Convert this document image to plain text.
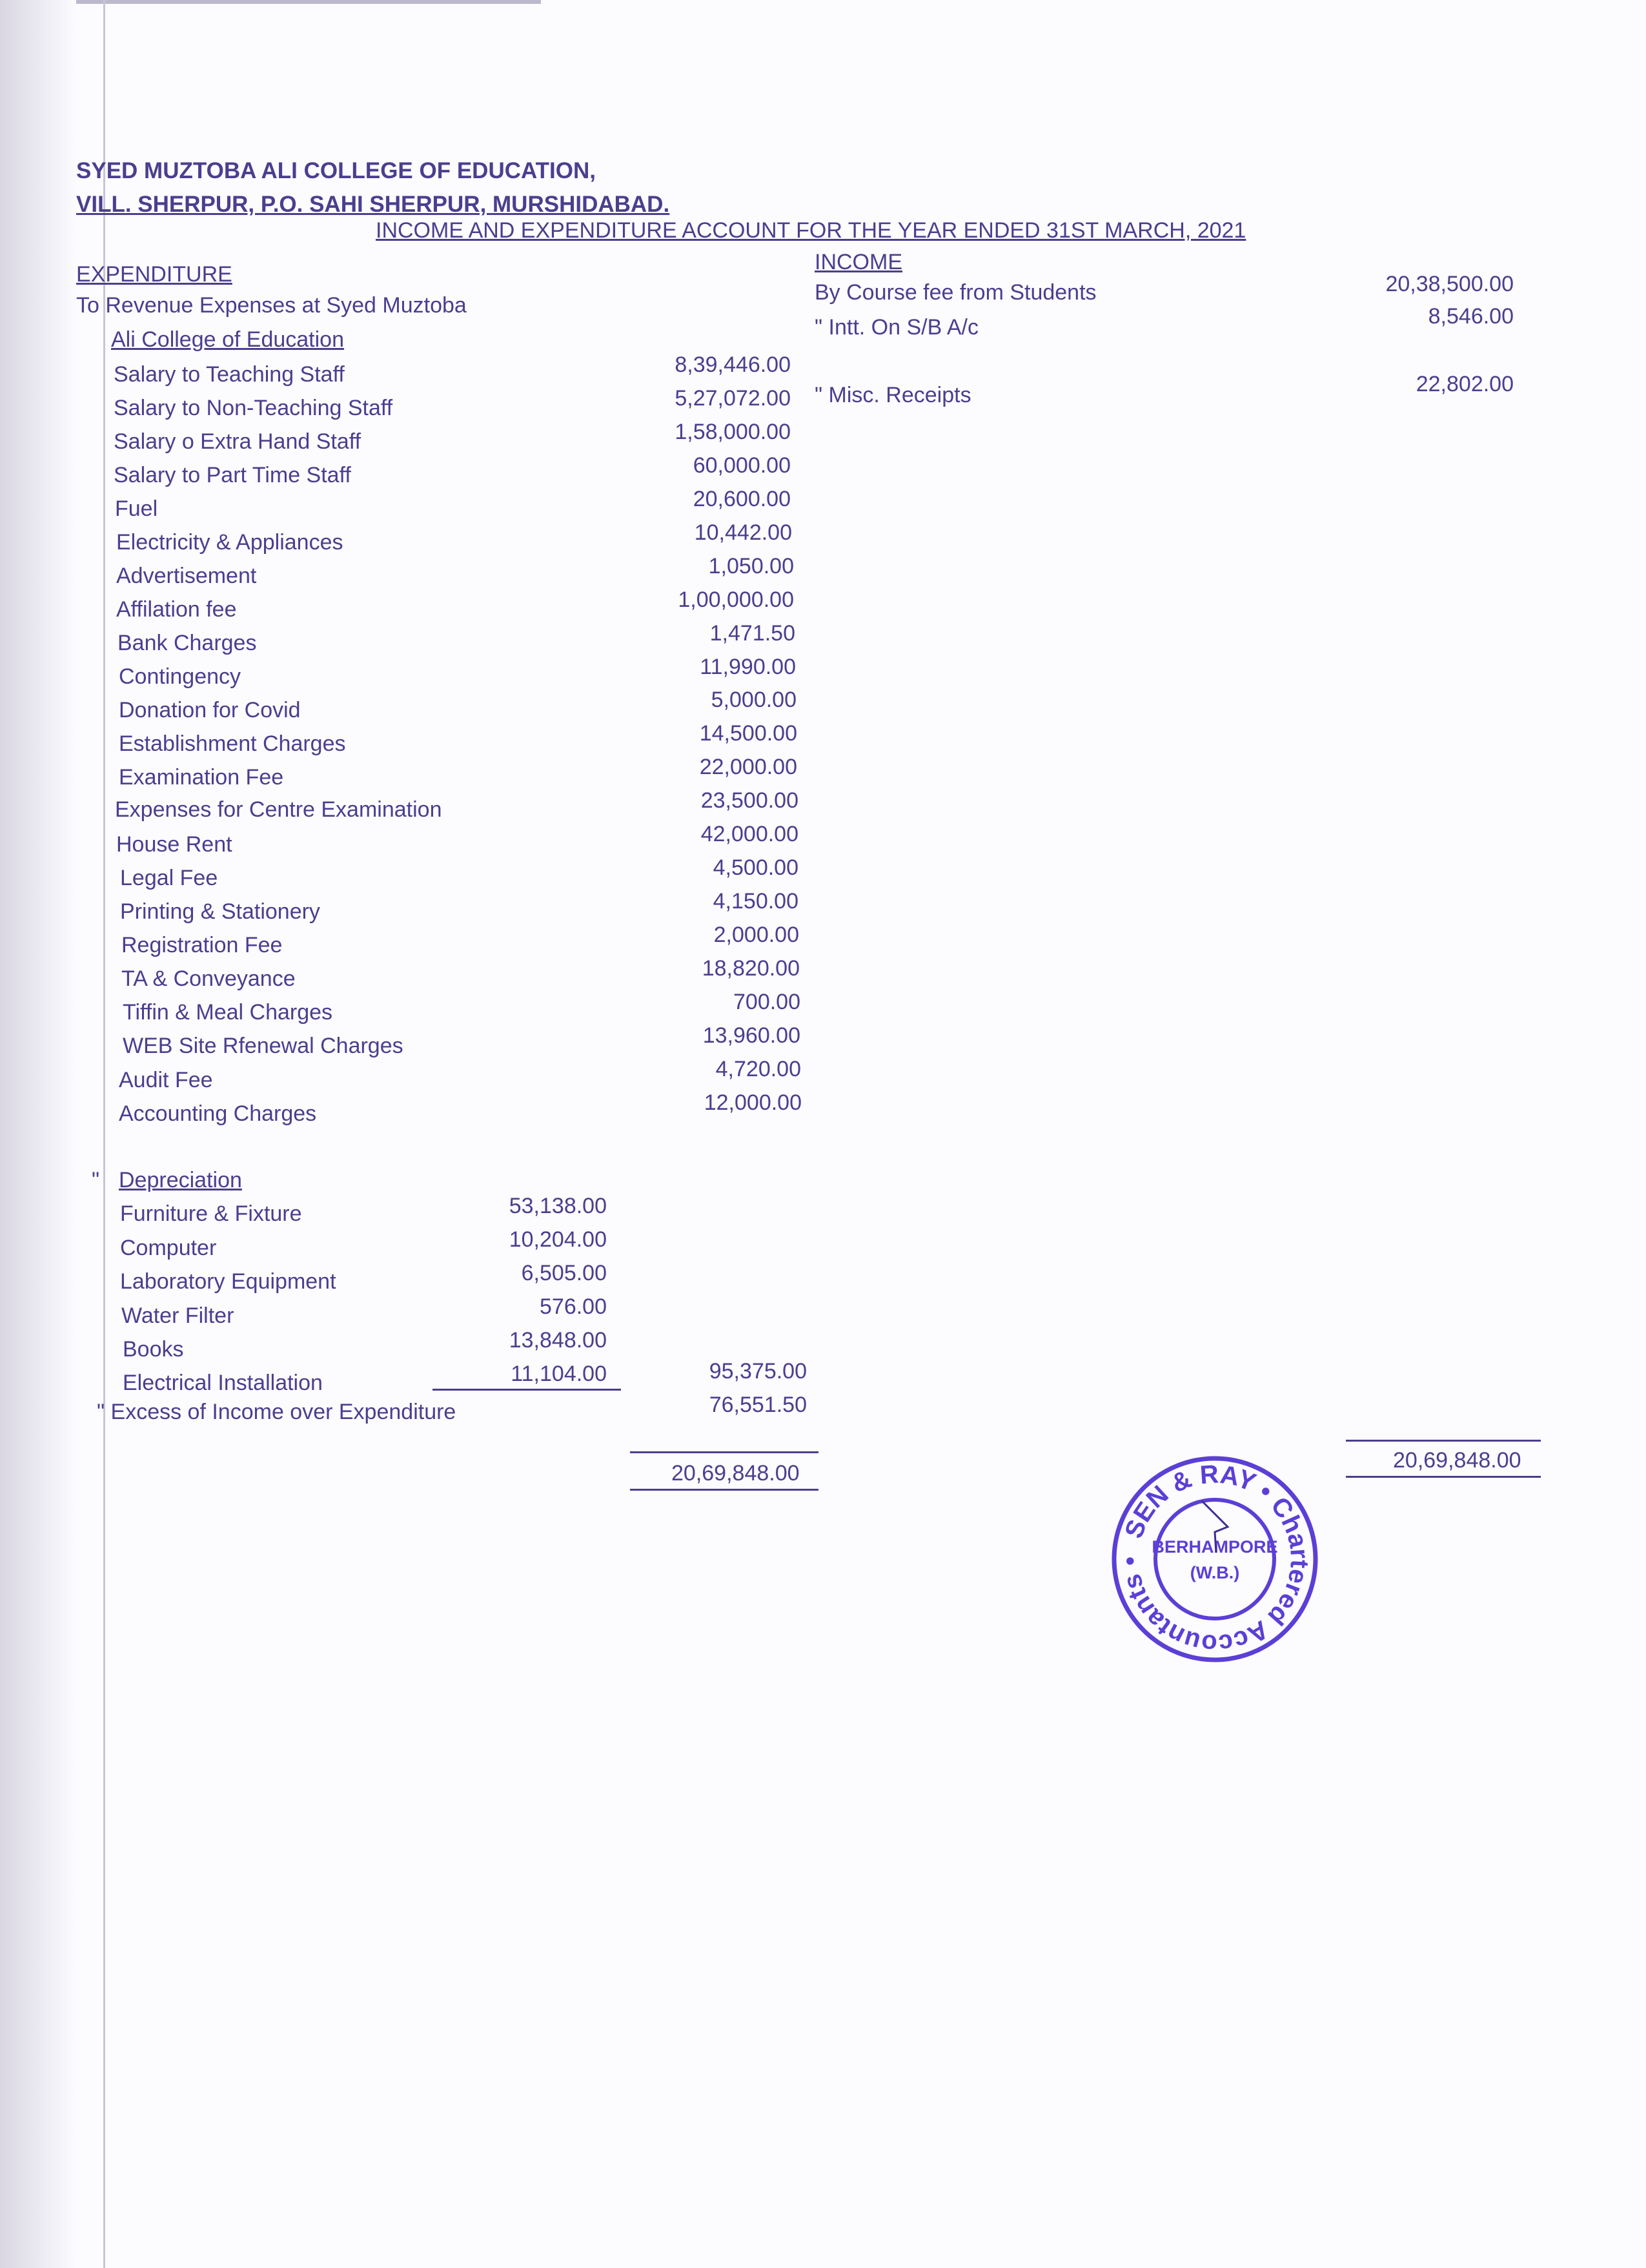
SYED MUZTOBA ALI COLLEGE OF EDUCATION,
VILL. SHERPUR, P.O. SAHI SHERPUR, MURSHIDABAD.
INCOME AND EXPENDITURE ACCOUNT FOR THE YEAR ENDED 31ST MARCH, 2021
EXPENDITURE	INCOME
To Revenue Expenses at Syed Muztoba
Ali College of Education
Salary to Teaching Staff	8,39,446.00
Salary to Non-Teaching Staff	5,27,072.00
Salary o Extra Hand Staff	1,58,000.00
Salary to Part Time Staff	60,000.00
Fuel	20,600.00
Electricity & Appliances	10,442.00
Advertisement	1,050.00
Affilation fee	1,00,000.00
Bank Charges	1,471.50
Contingency	11,990.00
Donation for Covid	5,000.00
Establishment Charges	14,500.00
Examination Fee	22,000.00
Expenses for Centre Examination	23,500.00
House Rent	42,000.00
Legal Fee	4,500.00
Printing & Stationery	4,150.00
Registration Fee	2,000.00
TA & Conveyance	18,820.00
Tiffin & Meal Charges	700.00
WEB Site Rfenewal Charges	13,960.00
Audit Fee	4,720.00
Accounting Charges	12,000.00
" Depreciation
Furniture & Fixture	53,138.00
Computer	10,204.00
Laboratory Equipment	6,505.00
Water Filter	576.00
Books	13,848.00
Electrical Installation	11,104.00	95,375.00
" Excess of Income over Expenditure	76,551.50
20,69,848.00
By Course fee from Students	20,38,500.00
" Intt. On S/B A/c	8,546.00
" Misc. Receipts	22,802.00
20,69,848.00
SEN & RAY • Chartered Accountants •
BERHAMPORE
(W.B.)
